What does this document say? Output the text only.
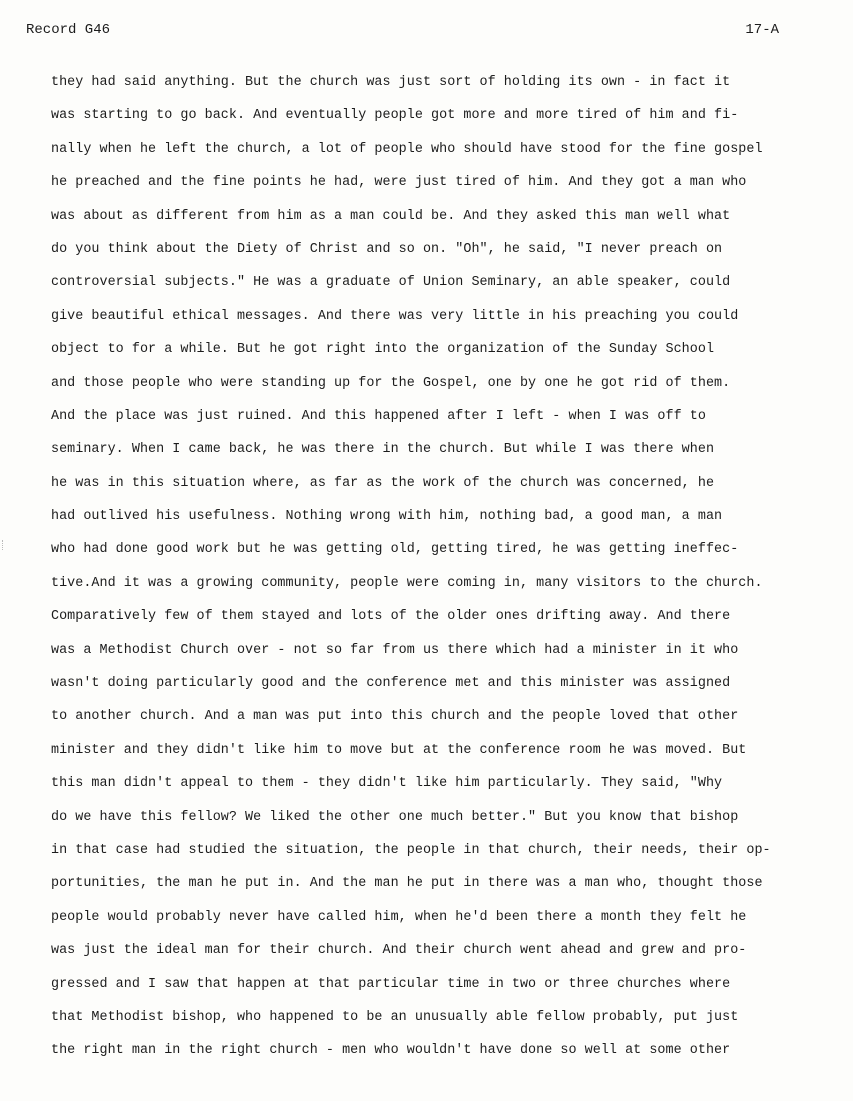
Record G46	17-A
they had said anything. But the church was just sort of holding its own - in fact it
was starting to go back. And eventually people got more and more tired of him and fi-
nally when he left the church, a lot of people who should have stood for the fine gospel
he preached and the fine points he had, were just tired of him. And they got a man who
was about as different from him as a man could be. And they asked this man well what
do you think about the Diety of Christ and so on. "Oh", he said, "I never preach on
controversial subjects." He was a graduate of Union Seminary, an able speaker, could
give beautiful ethical messages. And there was very little in his preaching you could
object to for a while. But he got right into the organization of the Sunday School
and those people who were standing up for the Gospel, one by one he got rid of them.
And the place was just ruined. And this happened after I left - when I was off to
seminary. When I came back, he was there in the church. But while I was there when
he was in this situation where, as far as the work of the church was concerned, he
had outlived his usefulness. Nothing wrong with him, nothing bad, a good man, a man
who had done good work but he was getting old, getting tired, he was getting ineffec-
tive.And it was a growing community, people were coming in, many visitors to the church.
Comparatively few of them stayed and lots of the older ones drifting away. And there
was a Methodist Church over - not so far from us there which had a minister in it who
wasn't doing particularly good and the conference met and this minister was assigned
to another church. And a man was put into this church and the people loved that other
minister and they didn't like him to move but at the conference room he was moved. But
this man didn't appeal to them - they didn't like him particularly. They said, "Why
do we have this fellow? We liked the other one much better." But you know that bishop
in that case had studied the situation, the people in that church, their needs, their op-
portunities, the man he put in. And the man he put in there was a man who, thought those
people would probably never have called him, when he'd been there a month they felt he
was just the ideal man for their church. And their church went ahead and grew and pro-
gressed and I saw that happen at that particular time in two or three churches where
that Methodist bishop, who happened to be an unusually able fellow probably, put just
the right man in the right church - men who wouldn't have done so well at some other
